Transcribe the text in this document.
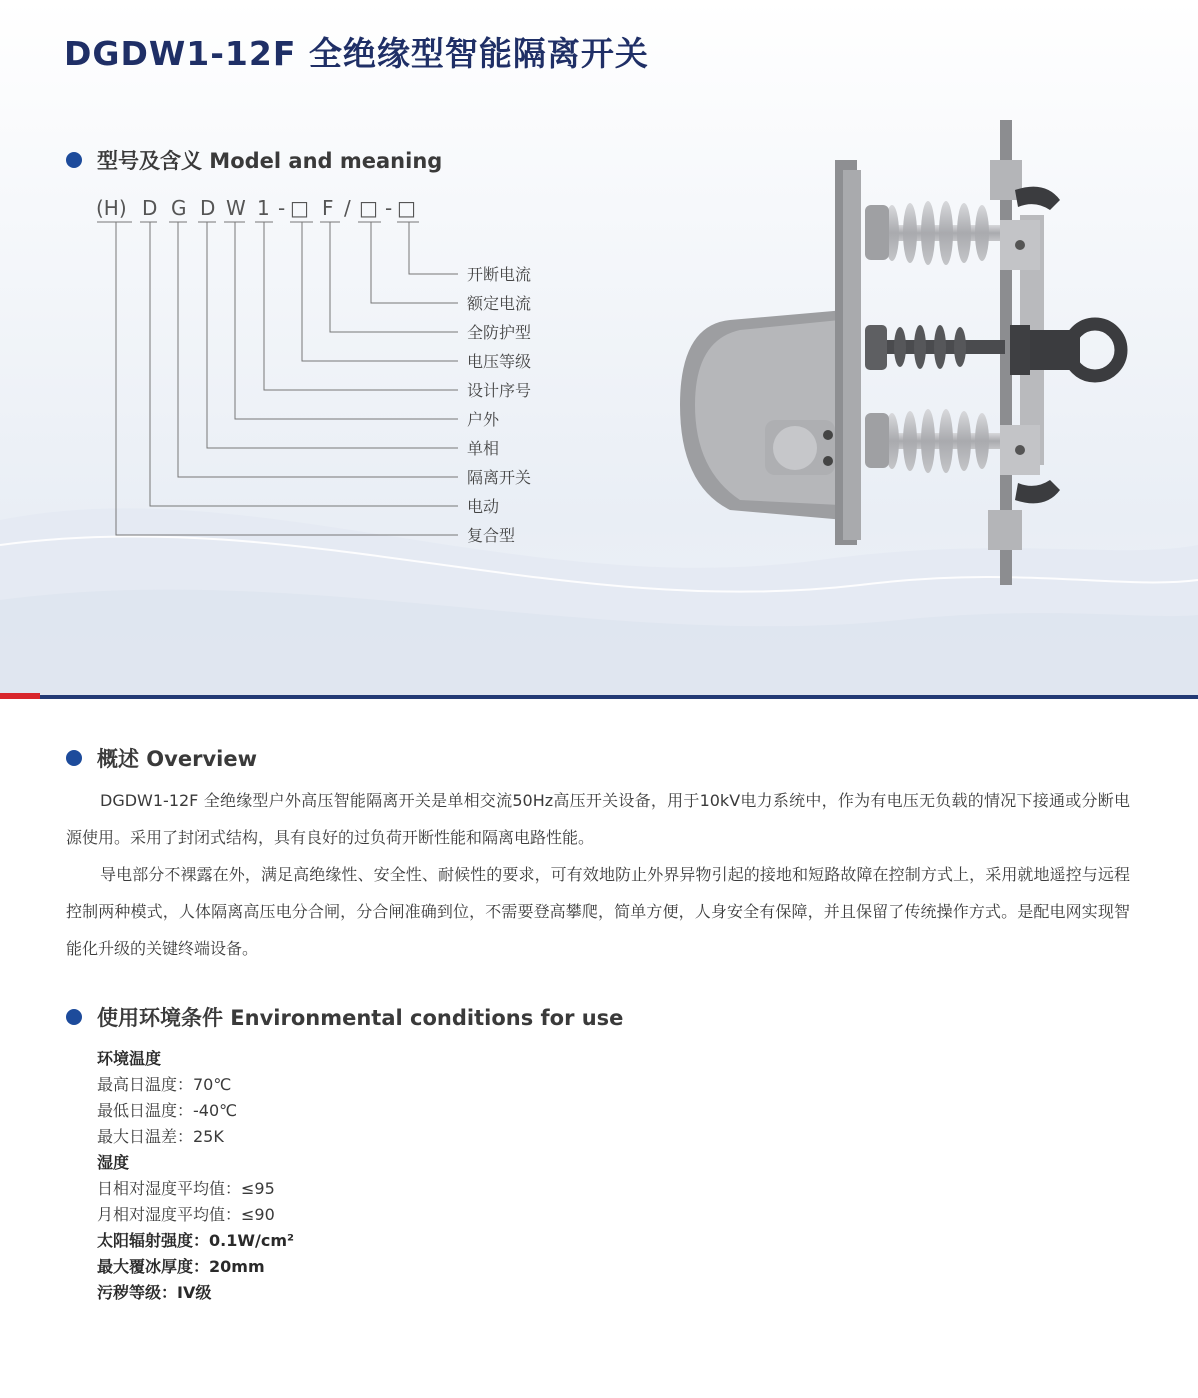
DGDW1-12F 全绝缘型智能隔离开关
型号及含义 Model and meaning
(H) D G D W 1 - □ F / □ - □
开断电流
额定电流
全防护型
电压等级
设计序号
户外
单相
隔离开关
电动
复合型
概述 Overview

DGDW1-12F 全绝缘型户外高压智能隔离开关是单相交流50Hz高压开关设备，用于10kV电力系统中，作为有电压无负载的情况下接通或分断电源使用。采用了封闭式结构，具有良好的过负荷开断性能和隔离电路性能。

导电部分不裸露在外，满足高绝缘性、安全性、耐候性的要求，可有效地防止外界异物引起的接地和短路故障在控制方式上，采用就地遥控与远程控制两种模式，人体隔离高压电分合闸，分合闸准确到位，不需要登高攀爬，简单方便，人身安全有保障，并且保留了传统操作方式。是配电网实现智能化升级的关键终端设备。

使用环境条件 Environmental conditions for use
环境温度
最高日温度：70℃
最低日温度：-40℃
最大日温差：25K
湿度
日相对湿度平均值：≤95
月相对湿度平均值：≤90
太阳辐射强度：0.1W/cm²
最大覆冰厚度：20mm
污秽等级：IV级
